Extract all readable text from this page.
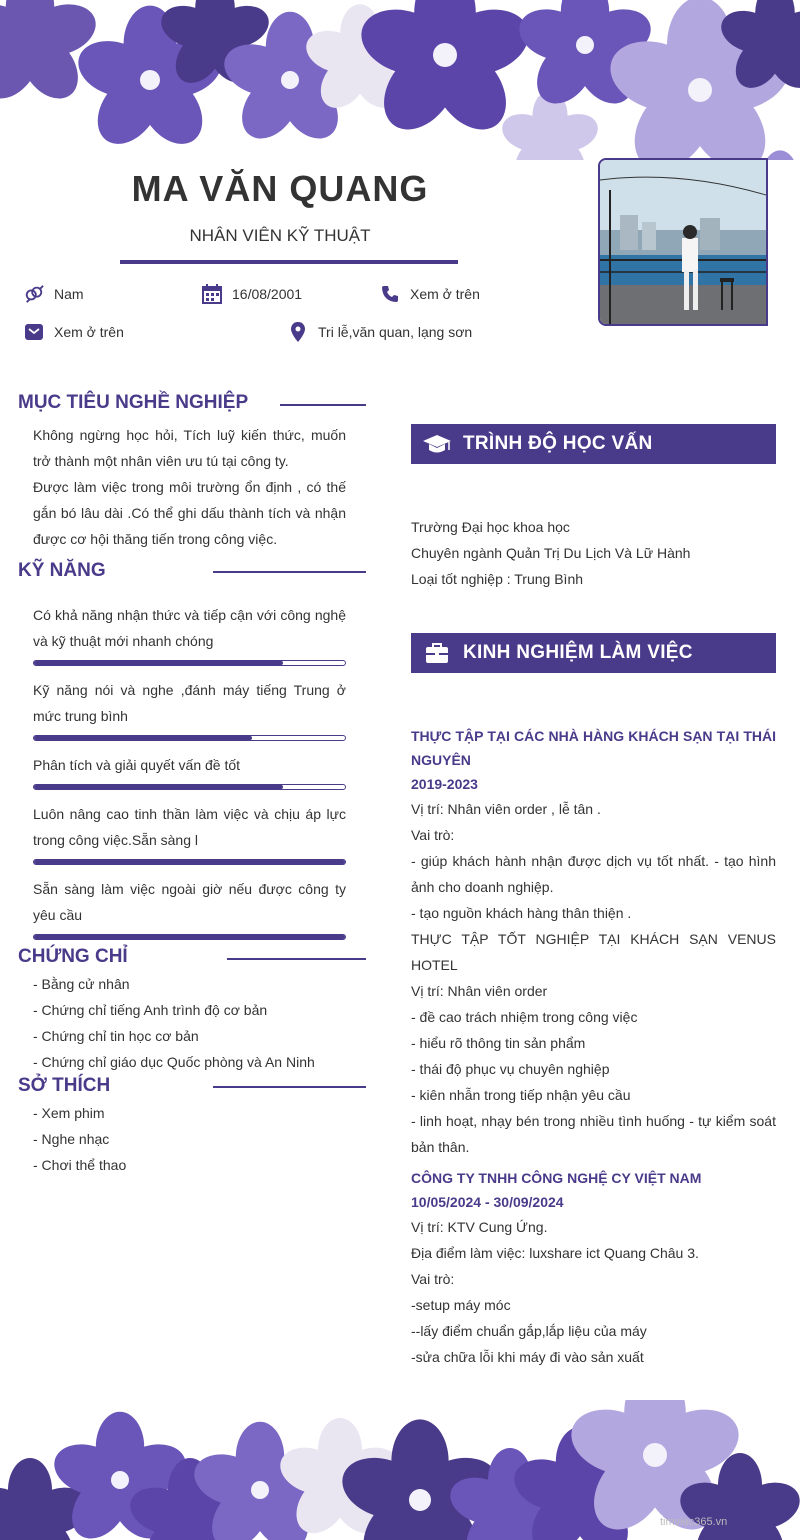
MA VĂN QUANG
NHÂN VIÊN KỸ THUẬT
Nam	16/08/2001	Xem ở trên
Xem ở trên	Tri lễ,văn quan, lạng sơn
MỤC TIÊU NGHỀ NGHIỆP
Không ngừng học hỏi, Tích luỹ kiến thức, muốn trở thành một nhân viên ưu tú tại công ty.
Được làm việc trong môi trường ổn định , có thế gắn bó lâu dài .Có thể ghi dấu thành tích và nhận được cơ hội thăng tiến trong công việc.
KỸ NĂNG
Có khả năng nhận thức và tiếp cận với công nghệ và kỹ thuật mới nhanh chóng
Kỹ năng nói và nghe ,đánh máy tiếng Trung ở mức trung bình
Phân tích và giải quyết vấn đề tốt
Luôn nâng cao tinh thần làm việc và chịu áp lực trong công việc.Sẵn sàng l
Sẵn sàng làm việc ngoài giờ nếu được công ty yêu cầu
CHỨNG CHỈ
- Bằng cử nhân
- Chứng chỉ tiếng Anh trình độ cơ bản
- Chứng chỉ tin học cơ bản
- Chứng chỉ giáo dục Quốc phòng và An Ninh
SỞ THÍCH
- Xem phim
- Nghe nhạc
- Chơi thể thao
TRÌNH ĐỘ HỌC VẤN
Trường Đại học khoa học
Chuyên ngành Quản Trị Du Lịch Và Lữ Hành
Loại tốt nghiệp : Trung Bình
KINH NGHIỆM LÀM VIỆC
THỰC TẬP TẠI CÁC NHÀ HÀNG KHÁCH SẠN TẠI THÁI NGUYÊN
2019-2023
Vị trí: Nhân viên order , lễ tân .
Vai trò:
- giúp khách hành nhận được dịch vụ tốt nhất. - tạo hình ảnh cho doanh nghiệp.
- tạo nguồn khách hàng thân thiện .
THỰC TẬP TỐT NGHIỆP TẠI KHÁCH SẠN VENUS HOTEL
Vị trí: Nhân viên order
- đề cao trách nhiệm trong công việc
- hiểu rõ thông tin sản phẩm
- thái độ phục vụ chuyên nghiệp
- kiên nhẫn trong tiếp nhận yêu cầu
- linh hoạt, nhạy bén trong nhiều tình huống - tự kiểm soát bản thân.
CÔNG TY TNHH CÔNG NGHỆ CY VIỆT NAM
10/05/2024 - 30/09/2024
Vị trí: KTV Cung Ứng.
Địa điểm làm việc: luxshare ict Quang Châu 3.
Vai trò:
-setup máy móc
--lấy điểm chuẩn gắp,lắp liệu của máy
-sửa chữa lỗi khi máy đi vào sản xuất
timviec365.vn
